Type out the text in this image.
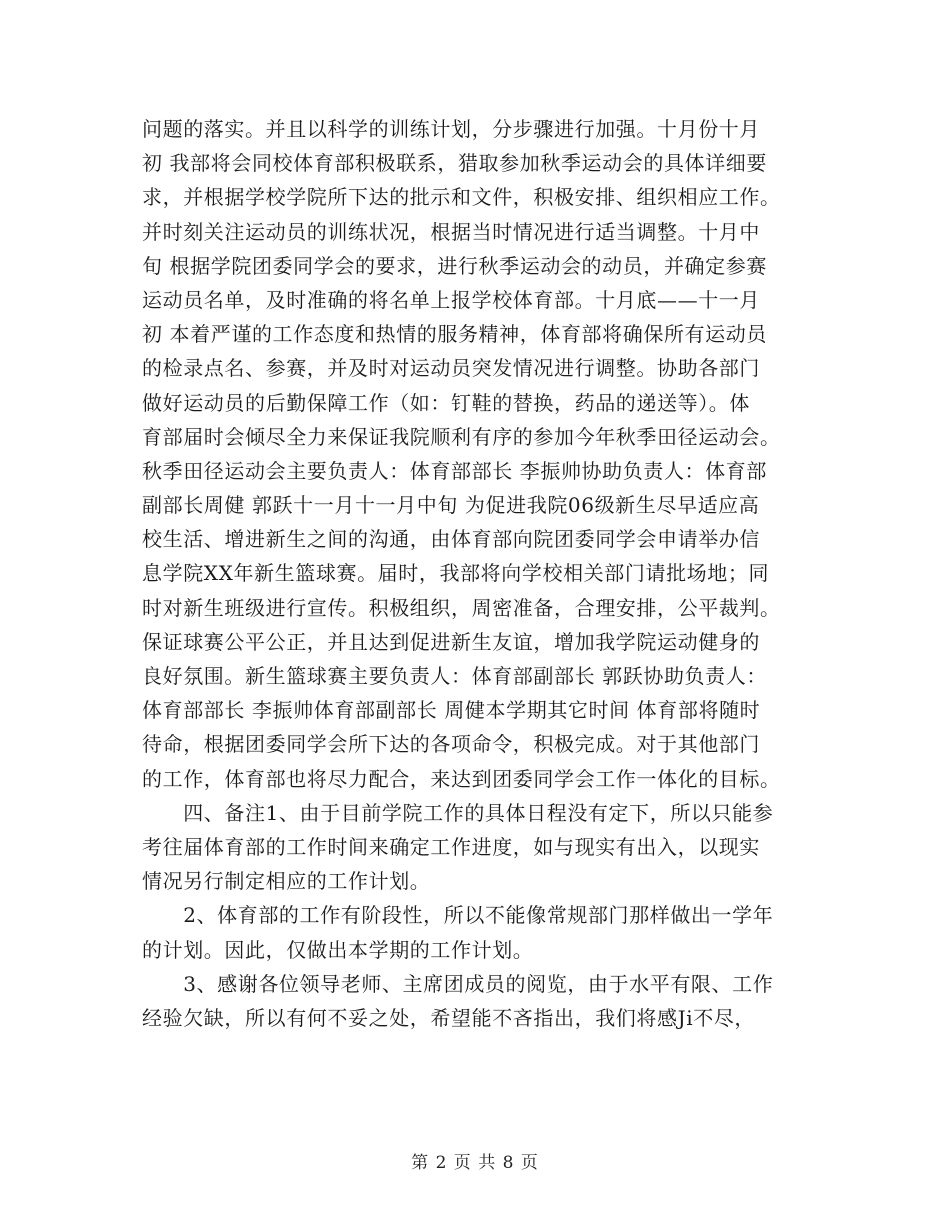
问题的落实。并且以科学的训练计划，分步骤进行加强。十月份十月
初 我部将会同校体育部积极联系，猎取参加秋季运动会的具体详细要
求，并根据学校学院所下达的批示和文件，积极安排、组织相应工作。
并时刻关注运动员的训练状况，根据当时情况进行适当调整。十月中
旬 根据学院团委同学会的要求，进行秋季运动会的动员，并确定参赛
运动员名单，及时准确的将名单上报学校体育部。十月底——十一月
初 本着严谨的工作态度和热情的服务精神，体育部将确保所有运动员
的检录点名、参赛，并及时对运动员突发情况进行调整。协助各部门
做好运动员的后勤保障工作（如：钉鞋的替换，药品的递送等）。体
育部届时会倾尽全力来保证我院顺利有序的参加今年秋季田径运动会。
秋季田径运动会主要负责人：体育部部长 李振帅协助负责人：体育部
副部长周健 郭跃十一月十一月中旬 为促进我院06级新生尽早适应高
校生活、增进新生之间的沟通，由体育部向院团委同学会申请举办信
息学院XX年新生篮球赛。届时，我部将向学校相关部门请批场地；同
时对新生班级进行宣传。积极组织，周密准备，合理安排，公平裁判。
保证球赛公平公正，并且达到促进新生友谊，增加我学院运动健身的
良好氛围。新生篮球赛主要负责人：体育部副部长 郭跃协助负责人：
体育部部长 李振帅体育部副部长 周健本学期其它时间 体育部将随时
待命，根据团委同学会所下达的各项命令，积极完成。对于其他部门
的工作，体育部也将尽力配合，来达到团委同学会工作一体化的目标。
　　四、备注1、由于目前学院工作的具体日程没有定下，所以只能参
考往届体育部的工作时间来确定工作进度，如与现实有出入，以现实
情况另行制定相应的工作计划。
　　2、体育部的工作有阶段性，所以不能像常规部门那样做出一学年
的计划。因此，仅做出本学期的工作计划。
　　3、感谢各位领导老师、主席团成员的阅览，由于水平有限、工作
经验欠缺，所以有何不妥之处，希望能不吝指出，我们将感Ji不尽，
第 2 页 共 8 页
